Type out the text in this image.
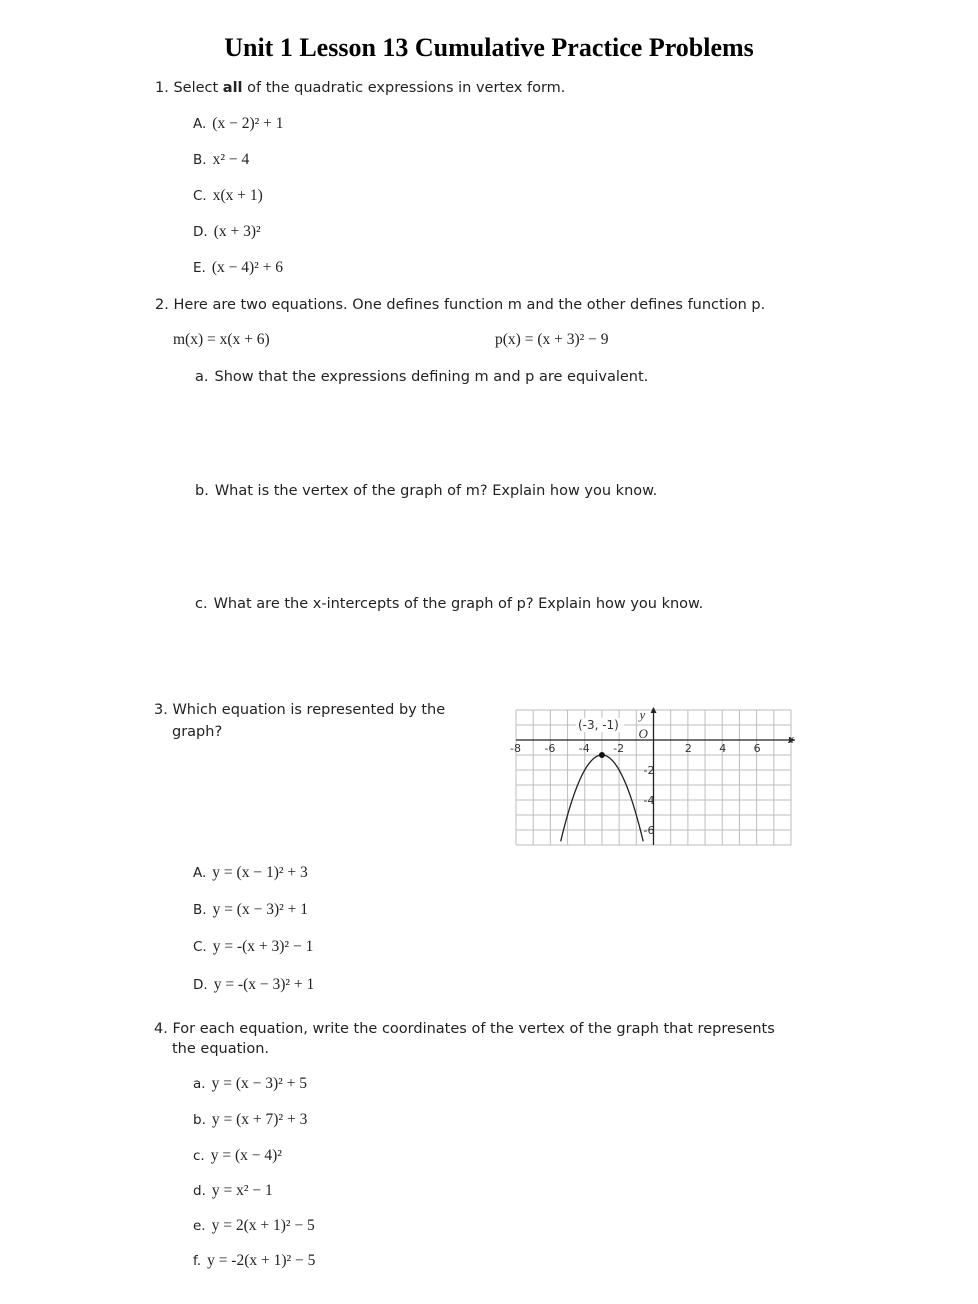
Unit 1 Lesson 13 Cumulative Practice Problems
1. Select all of the quadratic expressions in vertex form.
A. (x − 2)² + 1
B. x² − 4
C. x(x + 1)
D. (x + 3)²
E. (x − 4)² + 6
2. Here are two equations. One defines function m and the other defines function p.
m(x) = x(x + 6)	p(x) = (x + 3)² − 9
a. Show that the expressions defining m and p are equivalent.
b. What is the vertex of the graph of m? Explain how you know.
c. What are the x-intercepts of the graph of p? Explain how you know.
3. Which equation is represented by the
graph?
-8 -6 -4 -2	2 4 6
-2
-4
-6
O	x
y
(-3, -1)
A. y = (x − 1)² + 3
B. y = (x − 3)² + 1
C. y = -(x + 3)² − 1
D. y = -(x − 3)² + 1
4. For each equation, write the coordinates of the vertex of the graph that represents
the equation.
a. y = (x − 3)² + 5
b. y = (x + 7)² + 3
c. y = (x − 4)²
d. y = x² − 1
e. y = 2(x + 1)² − 5
f. y = -2(x + 1)² − 5
